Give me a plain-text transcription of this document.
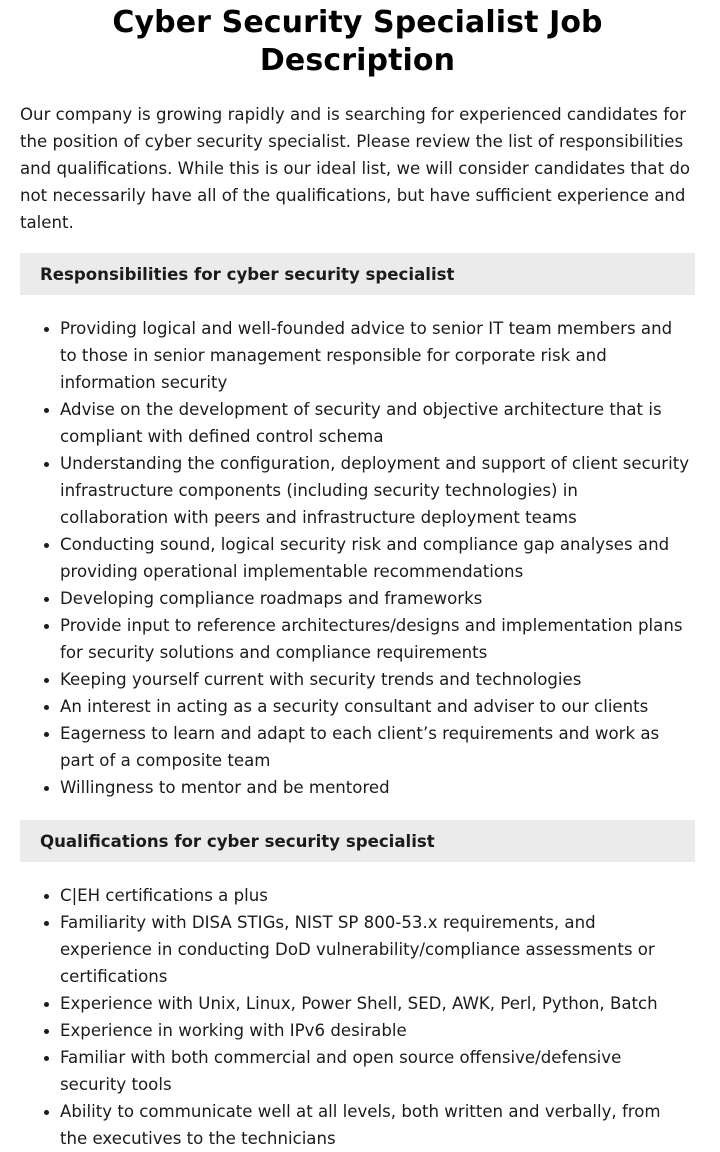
Cyber Security Specialist Job Description

Our company is growing rapidly and is searching for experienced candidates for the position of cyber security specialist. Please review the list of responsibilities and qualifications. While this is our ideal list, we will consider candidates that do not necessarily have all of the qualifications, but have sufficient experience and talent.

Responsibilities for cyber security specialist
Providing logical and well-founded advice to senior IT team members and to those in senior management responsible for corporate risk and information security
Advise on the development of security and objective architecture that is compliant with defined control schema
Understanding the configuration, deployment and support of client security infrastructure components (including security technologies) in collaboration with peers and infrastructure deployment teams
Conducting sound, logical security risk and compliance gap analyses and providing operational implementable recommendations
Developing compliance roadmaps and frameworks
Provide input to reference architectures/designs and implementation plans for security solutions and compliance requirements
Keeping yourself current with security trends and technologies
An interest in acting as a security consultant and adviser to our clients
Eagerness to learn and adapt to each client’s requirements and work as part of a composite team
Willingness to mentor and be mentored
Qualifications for cyber security specialist
C|EH certifications a plus
Familiarity with DISA STIGs, NIST SP 800-53.x requirements, and experience in conducting DoD vulnerability/compliance assessments or certifications
Experience with Unix, Linux, Power Shell, SED, AWK, Perl, Python, Batch
Experience in working with IPv6 desirable
Familiar with both commercial and open source offensive/defensive security tools
Ability to communicate well at all levels, both written and verbally, from the executives to the technicians
